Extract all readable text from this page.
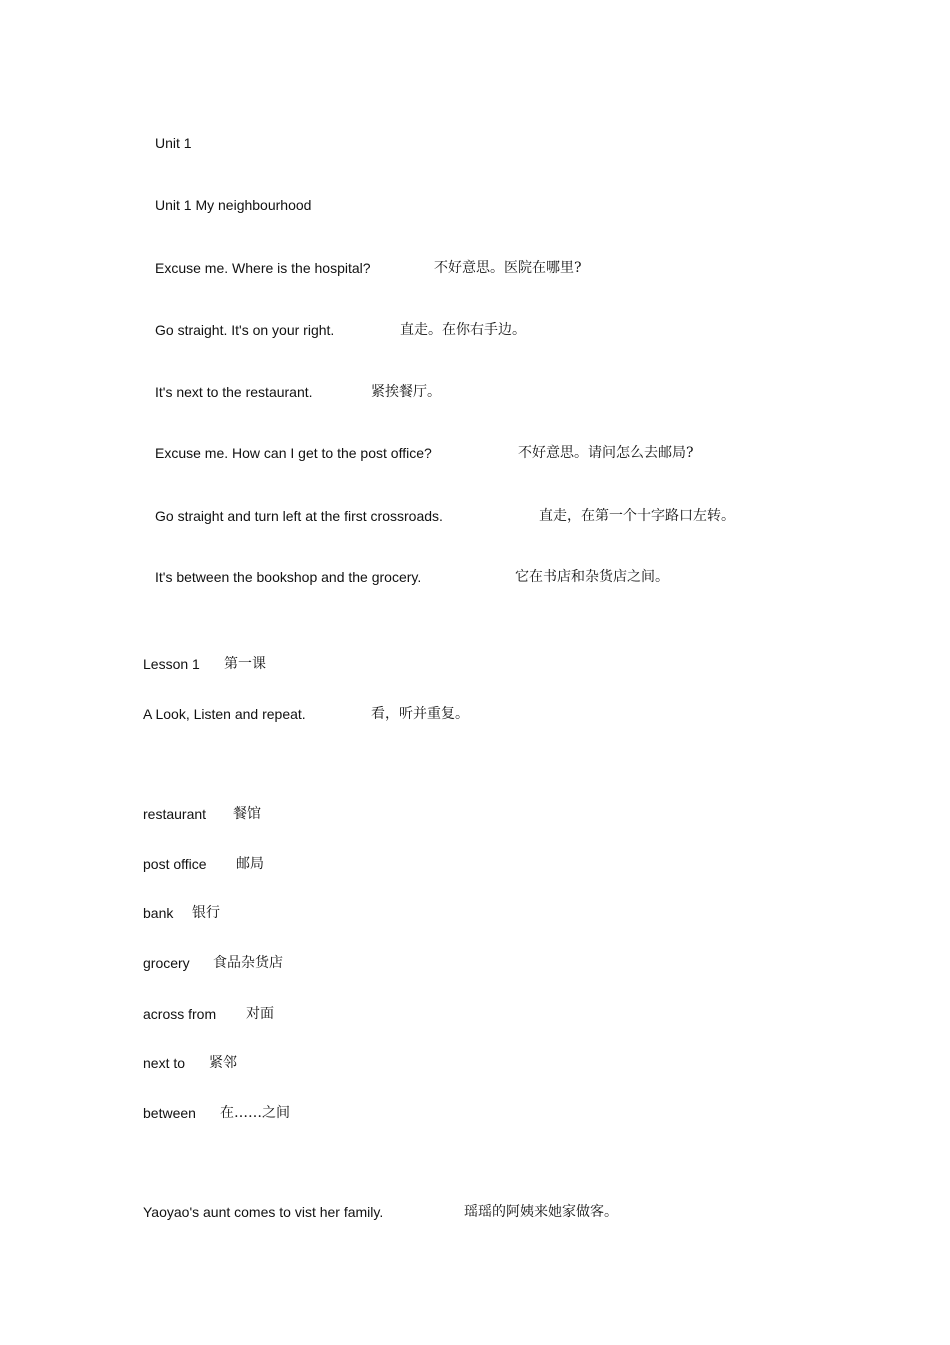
Unit 1
Unit 1 My neighbourhood
Excuse me. Where is the hospital?	不好意思。医院在哪里?
Go straight. It's on your right.	直走。在你右手边。
It's next to the restaurant.	紧挨餐厅。
Excuse me. How can I get to the post office?	不好意思。请问怎么去邮局?
Go straight and turn left at the first crossroads.	直走，在第一个十字路口左转。
It's between the bookshop and the grocery.	它在书店和杂货店之间。
Lesson 1 第一课
A Look, Listen and repeat.	看，听并重复。
restaurant 餐馆
post office 邮局
bank 银行
grocery 食品杂货店
across from 对面
next to 紧邻
between 在……之间
Yaoyao's aunt comes to vist her family.	瑶瑶的阿姨来她家做客。
